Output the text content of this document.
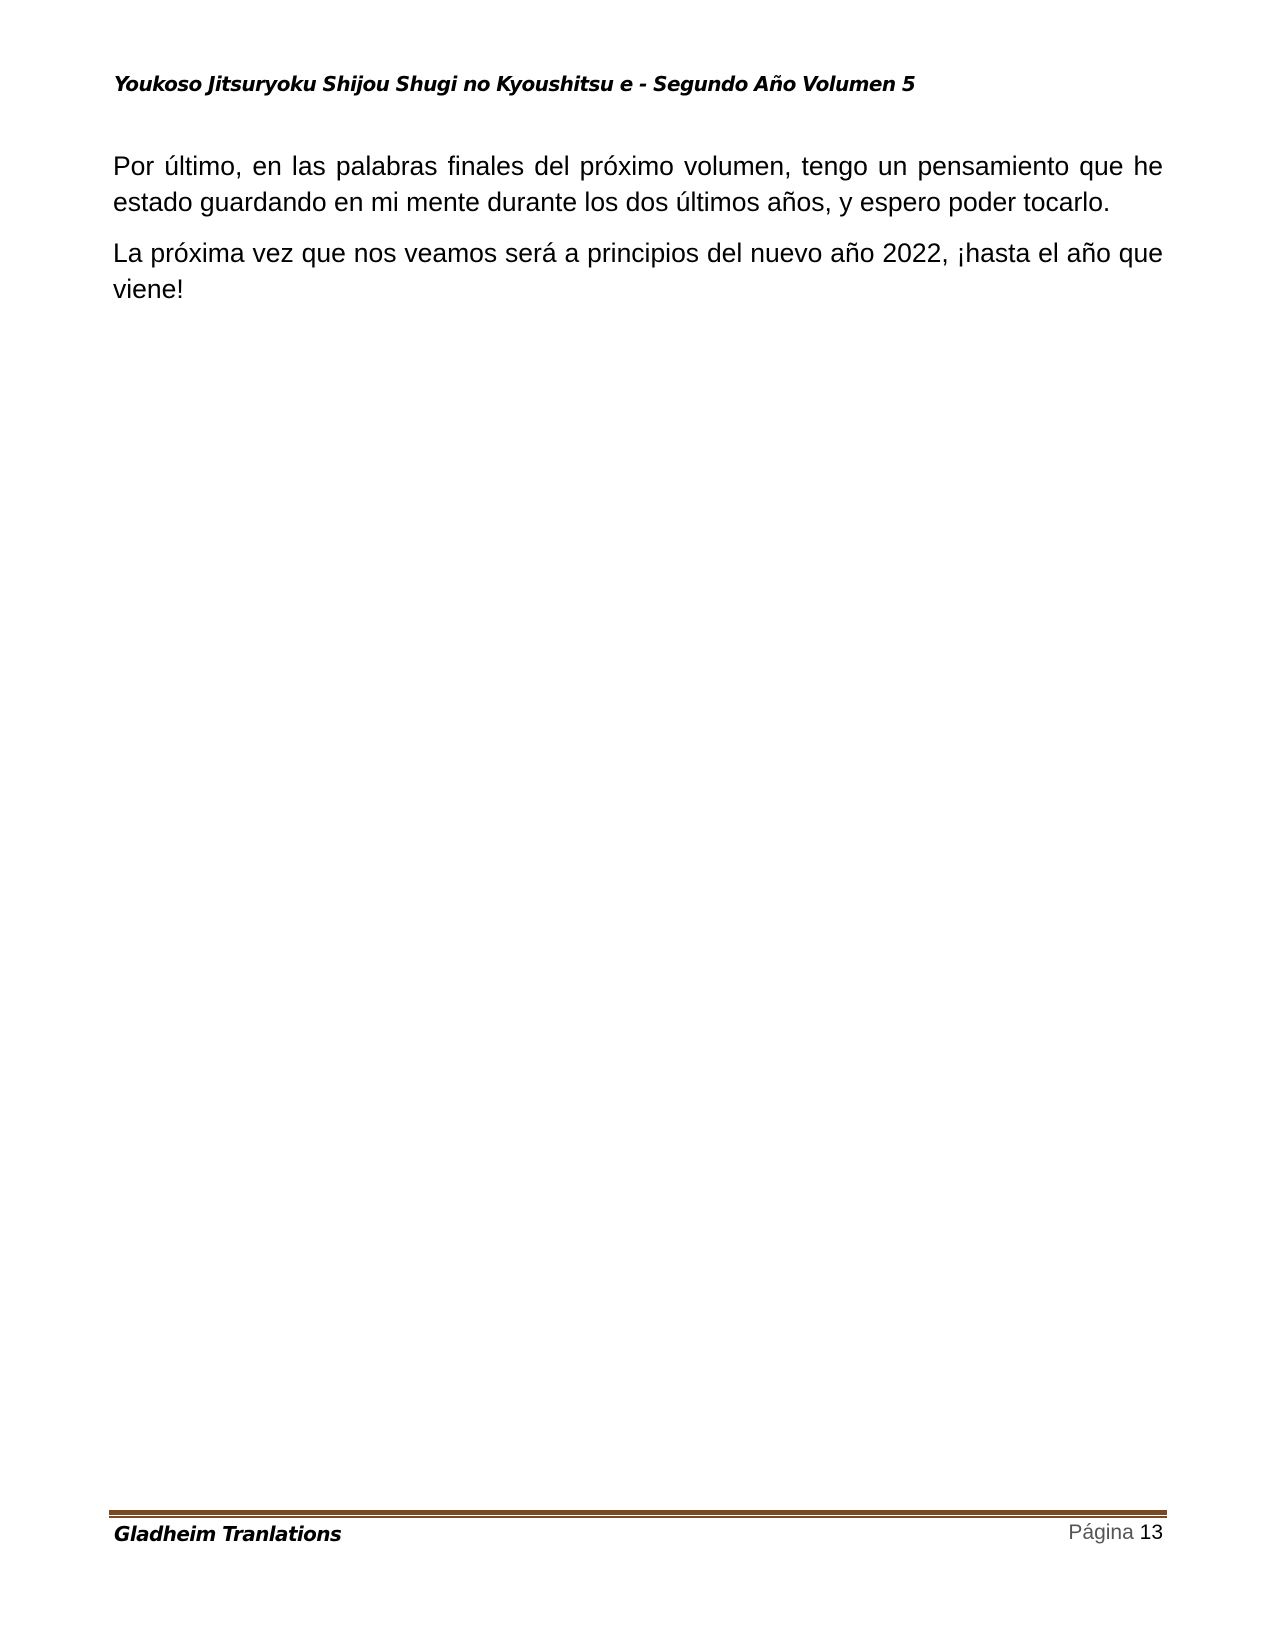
Youkoso Jitsuryoku Shijou Shugi no Kyoushitsu e - Segundo Año Volumen 5

Por último, en las palabras finales del próximo volumen, tengo un pensamiento que he estado guardando en mi mente durante los dos últimos años, y espero poder tocarlo.

La próxima vez que nos veamos será a principios del nuevo año 2022, ¡hasta el año que viene!

Gladheim Tranlations	Página 13
